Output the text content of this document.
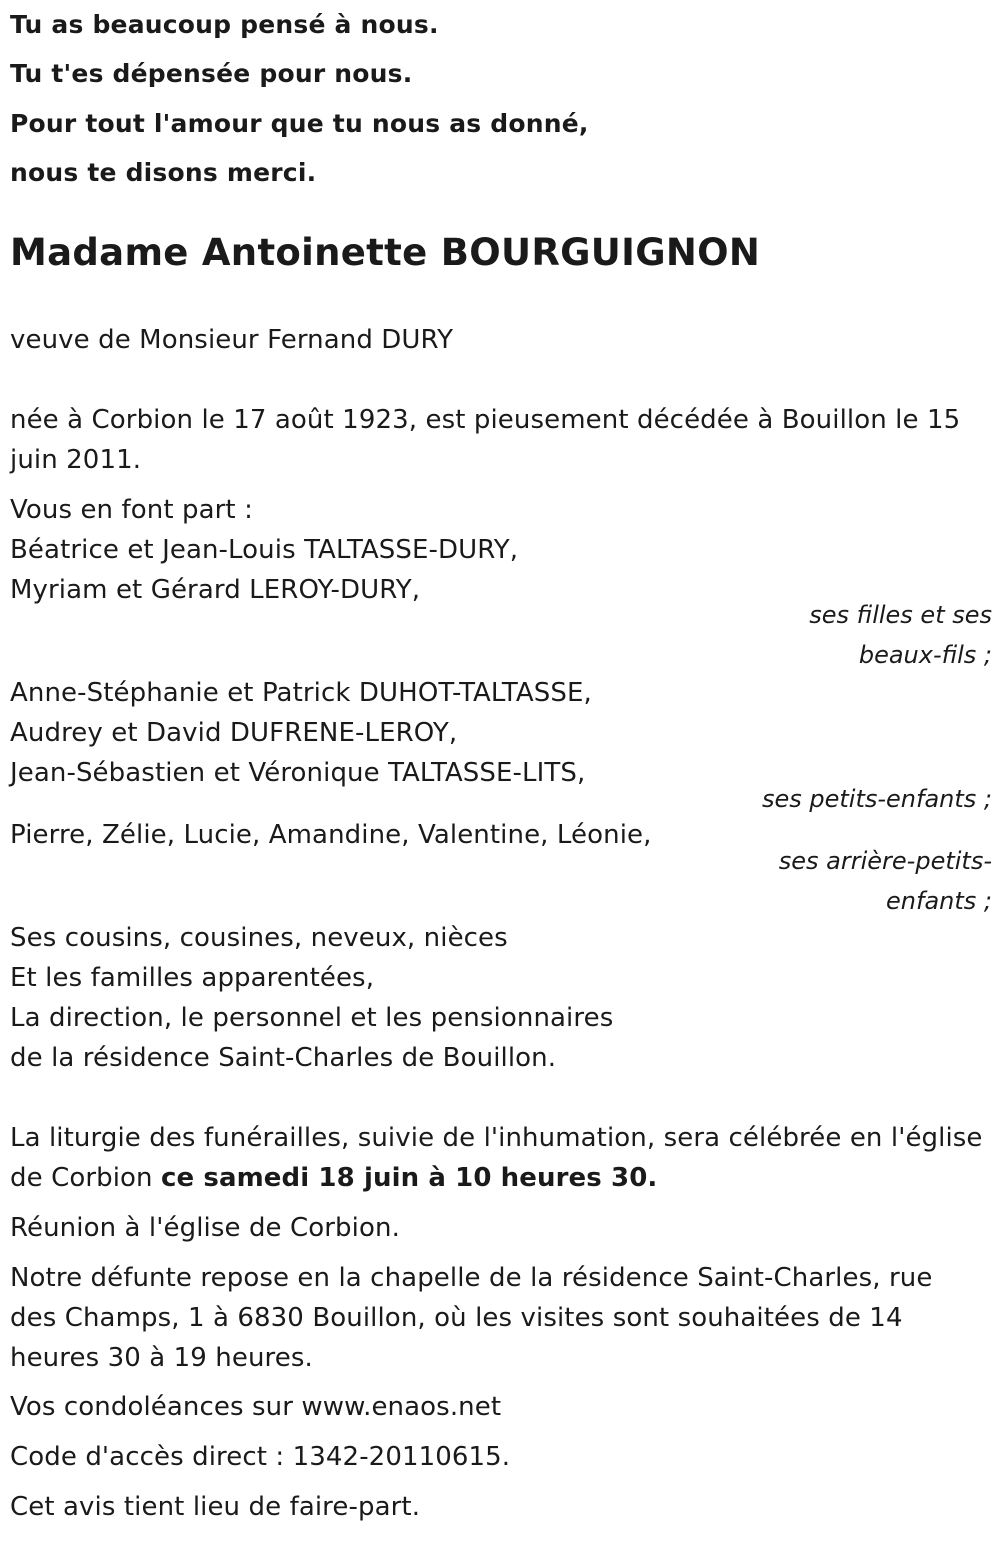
Tu as beaucoup pensé à nous.
Tu t'es dépensée pour nous.
Pour tout l'amour que tu nous as donné,
nous te disons merci.
Madame Antoinette BOURGUIGNON
veuve de Monsieur Fernand DURY
née à Corbion le 17 août 1923, est pieusement décédée à Bouillon le 15
juin 2011.
Vous en font part :
Béatrice et Jean-Louis TALTASSE-DURY,
Myriam et Gérard LEROY-DURY,
ses filles et ses
beaux-fils ;
Anne-Stéphanie et Patrick DUHOT-TALTASSE,
Audrey et David DUFRENE-LEROY,
Jean-Sébastien et Véronique TALTASSE-LITS,
ses petits-enfants ;
Pierre, Zélie, Lucie, Amandine, Valentine, Léonie,
ses arrière-petits-
enfants ;
Ses cousins, cousines, neveux, nièces
Et les familles apparentées,
La direction, le personnel et les pensionnaires
de la résidence Saint-Charles de Bouillon.
La liturgie des funérailles, suivie de l'inhumation, sera célébrée en l'église
de Corbion ce samedi 18 juin à 10 heures 30.
Réunion à l'église de Corbion.
Notre défunte repose en la chapelle de la résidence Saint-Charles, rue
des Champs, 1 à 6830 Bouillon, où les visites sont souhaitées de 14
heures 30 à 19 heures.
Vos condoléances sur www.enaos.net
Code d'accès direct : 1342-20110615.
Cet avis tient lieu de faire-part.
